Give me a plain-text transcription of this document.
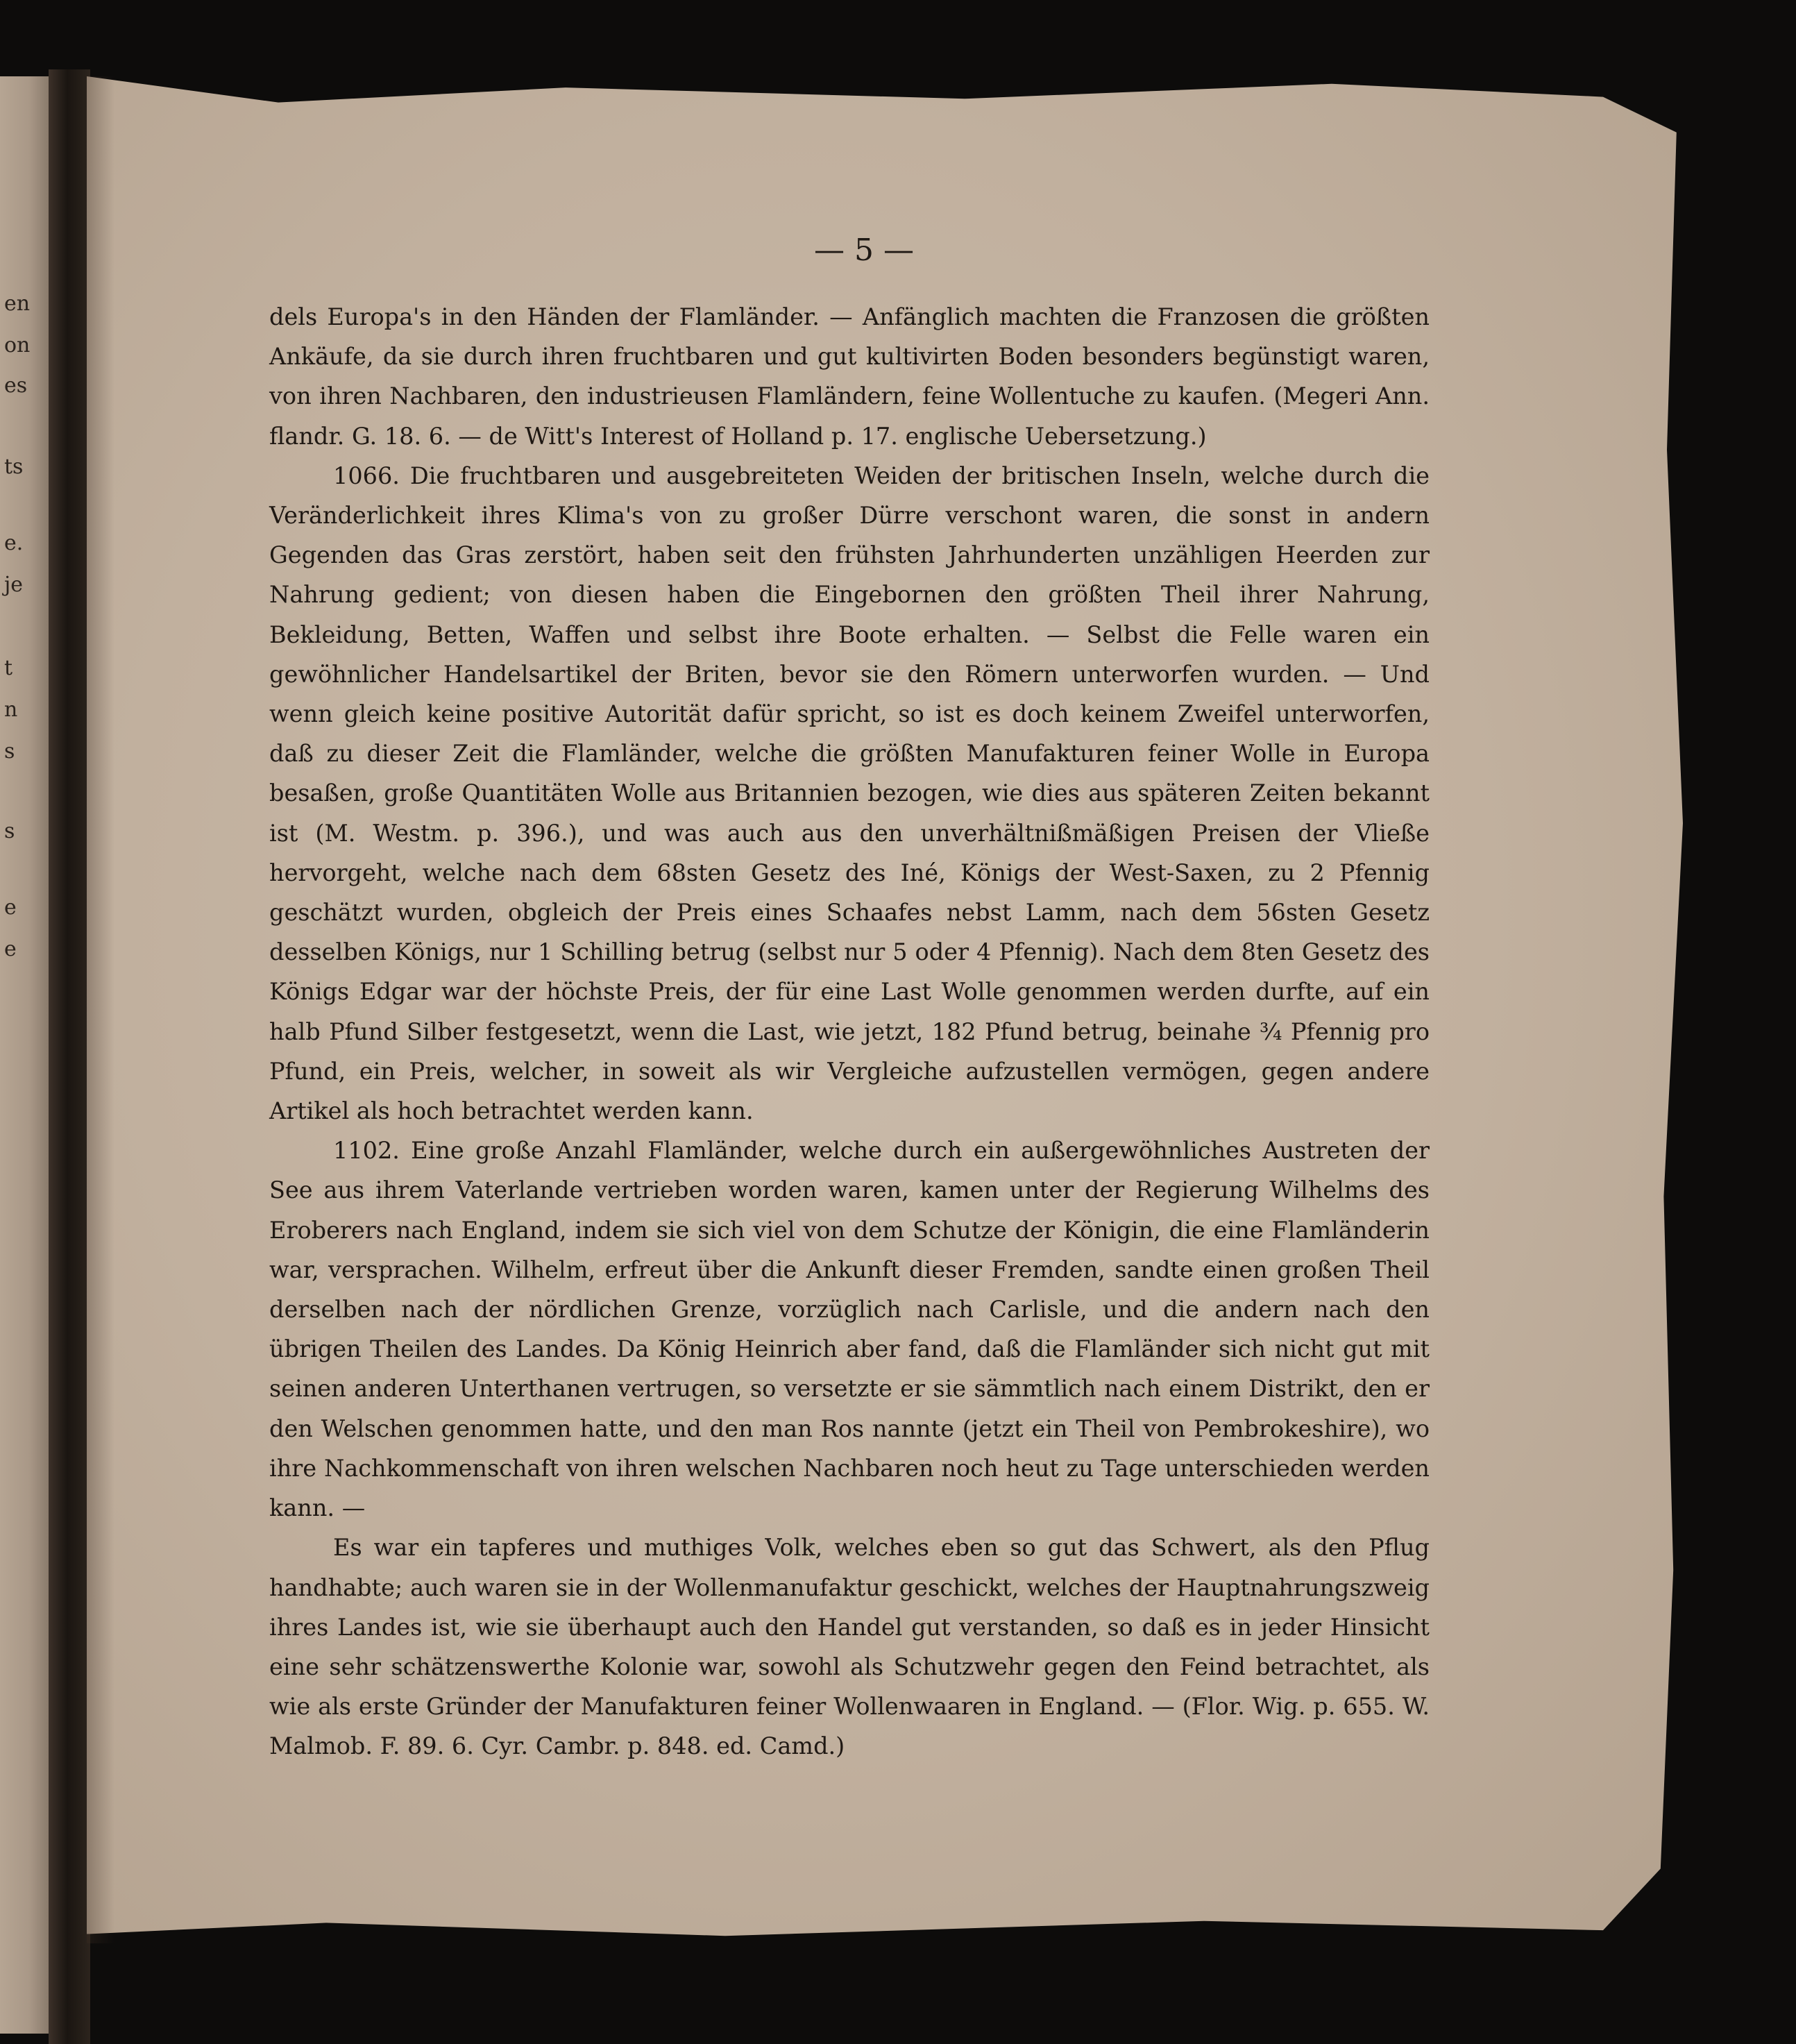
en
on
es
ts
e.
je
t
n
s
s
e
e
— 5 —

dels Europa's in den Händen der Flamländer. — Anfänglich machten die Franzosen die größten Ankäufe, da sie durch ihren fruchtbaren und gut kultivirten Boden besonders begünstigt waren, von ihren Nachbaren, den industrieusen Flamländern, feine Wollentuche zu kaufen. (Megeri Ann. flandr. G. 18. 6. — de Witt's Interest of Holland p. 17. englische Uebersetzung.)

1066. Die fruchtbaren und ausgebreiteten Weiden der britischen Inseln, welche durch die Veränderlichkeit ihres Klima's von zu großer Dürre verschont waren, die sonst in andern Gegenden das Gras zerstört, haben seit den frühsten Jahrhunderten unzähligen Heerden zur Nahrung gedient; von diesen haben die Eingebornen den größten Theil ihrer Nahrung, Bekleidung, Betten, Waffen und selbst ihre Boote erhalten. — Selbst die Felle waren ein gewöhnlicher Handelsartikel der Briten, bevor sie den Römern unterworfen wurden. — Und wenn gleich keine positive Autorität dafür spricht, so ist es doch keinem Zweifel unterworfen, daß zu dieser Zeit die Flamländer, welche die größten Manufakturen feiner Wolle in Europa besaßen, große Quantitäten Wolle aus Britannien bezogen, wie dies aus späteren Zeiten bekannt ist (M. Westm. p. 396.), und was auch aus den unverhältnißmäßigen Preisen der Vließe hervorgeht, welche nach dem 68sten Gesetz des Iné, Königs der West-Saxen, zu 2 Pfennig geschätzt wurden, obgleich der Preis eines Schaafes nebst Lamm, nach dem 56sten Gesetz desselben Königs, nur 1 Schilling betrug (selbst nur 5 oder 4 Pfennig). Nach dem 8ten Gesetz des Königs Edgar war der höchste Preis, der für eine Last Wolle genommen werden durfte, auf ein halb Pfund Silber festgesetzt, wenn die Last, wie jetzt, 182 Pfund betrug, beinahe ¾ Pfennig pro Pfund, ein Preis, welcher, in soweit als wir Vergleiche aufzustellen vermögen, gegen andere Artikel als hoch betrachtet werden kann.

1102. Eine große Anzahl Flamländer, welche durch ein außergewöhnliches Austreten der See aus ihrem Vaterlande vertrieben worden waren, kamen unter der Regierung Wilhelms des Eroberers nach England, indem sie sich viel von dem Schutze der Königin, die eine Flamländerin war, versprachen. Wilhelm, erfreut über die Ankunft dieser Fremden, sandte einen großen Theil derselben nach der nördlichen Grenze, vorzüglich nach Carlisle, und die andern nach den übrigen Theilen des Landes. Da König Heinrich aber fand, daß die Flamländer sich nicht gut mit seinen anderen Unterthanen vertrugen, so versetzte er sie sämmtlich nach einem Distrikt, den er den Welschen genommen hatte, und den man Ros nannte (jetzt ein Theil von Pembrokeshire), wo ihre Nachkommenschaft von ihren welschen Nachbaren noch heut zu Tage unterschieden werden kann. —

Es war ein tapferes und muthiges Volk, welches eben so gut das Schwert, als den Pflug handhabte; auch waren sie in der Wollenmanufaktur geschickt, welches der Hauptnahrungszweig ihres Landes ist, wie sie überhaupt auch den Handel gut verstanden, so daß es in jeder Hinsicht eine sehr schätzenswerthe Kolonie war, sowohl als Schutzwehr gegen den Feind betrachtet, als wie als erste Gründer der Manufakturen feiner Wollenwaaren in England. — (Flor. Wig. p. 655. W. Malmob. F. 89. 6. Cyr. Cambr. p. 848. ed. Camd.)
